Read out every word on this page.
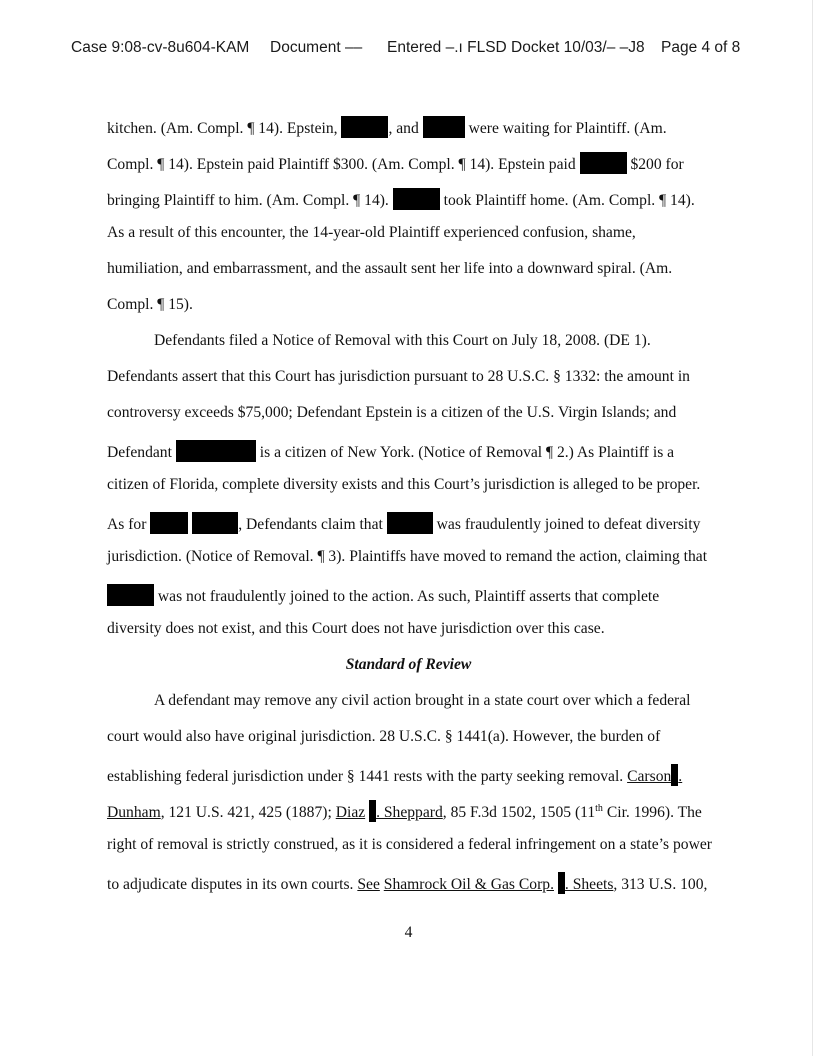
Case 9:08-cv-8u604-KAM Document ‒‒ Entered ‒.ı FLSD Docket 10/03/‒ ‒J8 Page 4 of 8
kitchen. (Am. Compl. ¶ 14). Epstein,	, and	were waiting for Plaintiff. (Am.
Compl. ¶ 14). Epstein paid Plaintiff $300. (Am. Compl. ¶ 14). Epstein paid	$200 for
bringing Plaintiff to him. (Am. Compl. ¶ 14).	took Plaintiff home. (Am. Compl. ¶ 14).
As a result of this encounter, the 14-year-old Plaintiff experienced confusion, shame,
humiliation, and embarrassment, and the assault sent her life into a downward spiral. (Am.
Compl. ¶ 15).
Defendants filed a Notice of Removal with this Court on July 18, 2008. (DE 1).
Defendants assert that this Court has jurisdiction pursuant to 28 U.S.C. § 1332: the amount in
controversy exceeds $75,000; Defendant Epstein is a citizen of the U.S. Virgin Islands; and
Defendant	is a citizen of New York. (Notice of Removal ¶ 2.) As Plaintiff is a
citizen of Florida, complete diversity exists and this Court’s jurisdiction is alleged to be proper.
As for	, Defendants claim that	was fraudulently joined to defeat diversity
jurisdiction. (Notice of Removal. ¶ 3). Plaintiffs have moved to remand the action, claiming that
was not fraudulently joined to the action. As such, Plaintiff asserts that complete
diversity does not exist, and this Court does not have jurisdiction over this case.
Standard of Review
A defendant may remove any civil action brought in a state court over which a federal
court would also have original jurisdiction. 28 U.S.C. § 1441(a). However, the burden of
establishing federal jurisdiction under § 1441 rests with the party seeking removal. Carson .
Dunham, 121 U.S. 421, 425 (1887); Diaz . Sheppard, 85 F.3d 1502, 1505 (11th Cir. 1996). The
right of removal is strictly construed, as it is considered a federal infringement on a state’s power
to adjudicate disputes in its own courts. See Shamrock Oil & Gas Corp. . Sheets, 313 U.S. 100,
4
